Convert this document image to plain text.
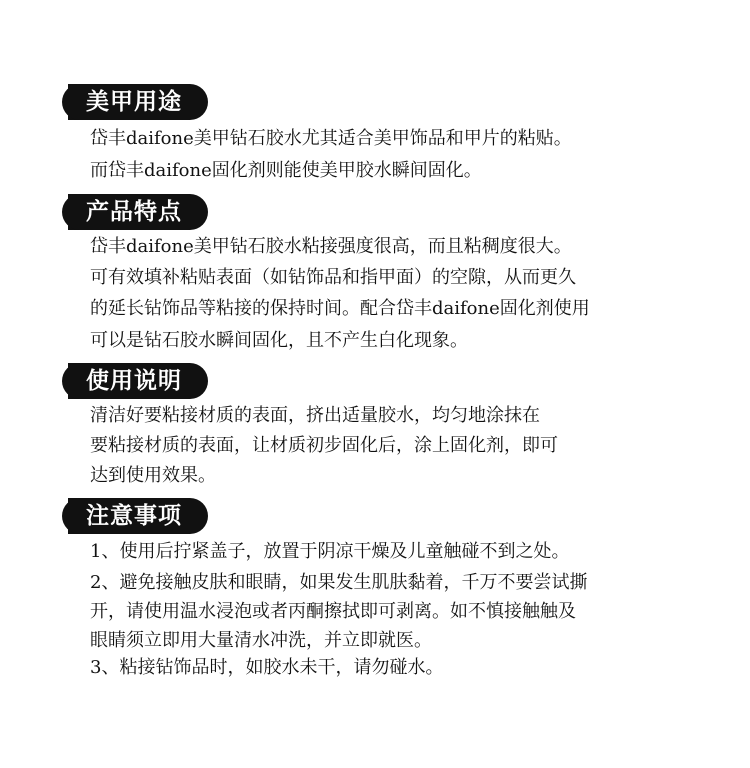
美甲用途
岱丰daifone美甲钻石胶水尤其适合美甲饰品和甲片的粘贴。
而岱丰daifone固化剂则能使美甲胶水瞬间固化。
产品特点
岱丰daifone美甲钻石胶水粘接强度很高，而且粘稠度很大。
可有效填补粘贴表面（如钻饰品和指甲面）的空隙，从而更久
的延长钻饰品等粘接的保持时间。配合岱丰daifone固化剂使用
可以是钻石胶水瞬间固化，且不产生白化现象。
使用说明
清洁好要粘接材质的表面，挤出适量胶水，均匀地涂抹在
要粘接材质的表面，让材质初步固化后，涂上固化剂，即可
达到使用效果。
注意事项
1、使用后拧紧盖子，放置于阴凉干燥及儿童触碰不到之处。
2、避免接触皮肤和眼睛，如果发生肌肤黏着，千万不要尝试撕
开，请使用温水浸泡或者丙酮擦拭即可剥离。如不慎接触触及
眼睛须立即用大量清水冲洗，并立即就医。
3、粘接钻饰品时，如胶水未干，请勿碰水。
